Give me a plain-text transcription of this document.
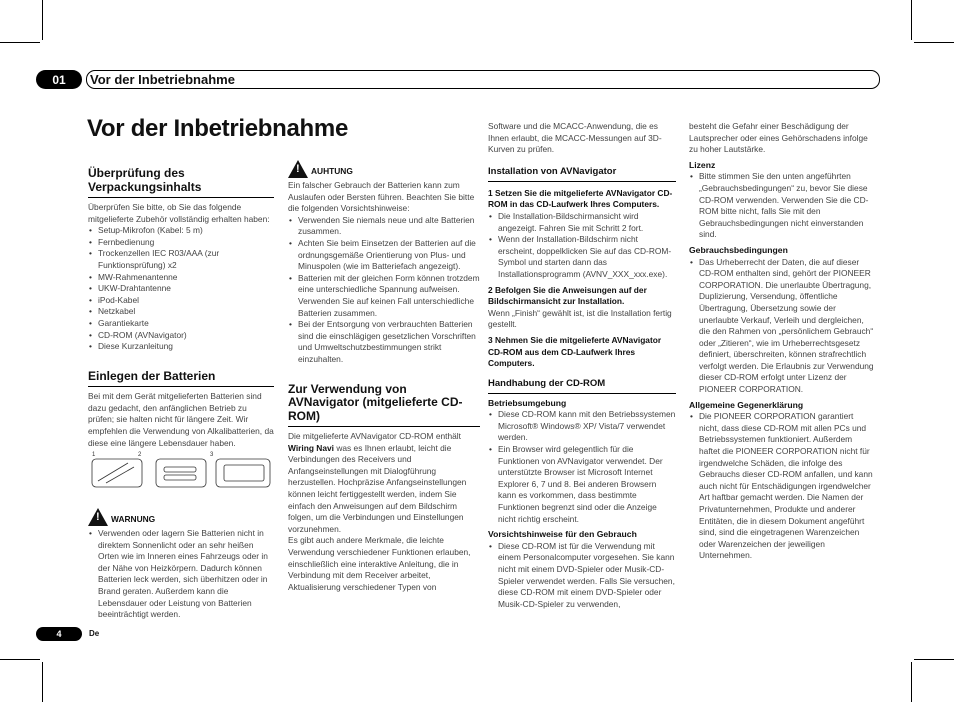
01	Vor der Inbetriebnahme
Vor der Inbetriebnahme
Überprüfung des Verpackungsinhalts

Überprüfen Sie bitte, ob Sie das folgende mitgelieferte Zubehör vollständig erhalten haben:

• Setup-Mikrofon (Kabel: 5 m)
• Fernbedienung
• Trockenzellen IEC R03/AAA (zur Funktionsprüfung) x2
• MW-Rahmenantenne
• UKW-Drahtantenne
• iPod-Kabel
• Netzkabel
• Garantiekarte
• CD-ROM (AVNavigator)
• Diese Kurzanleitung
Einlegen der Batterien

Bei mit dem Gerät mitgelieferten Batterien sind dazu gedacht, den anfänglichen Betrieb zu prüfen; sie halten nicht für längere Zeit. Wir empfehlen die Verwendung von Alkalibatterien, da diese eine längere Lebensdauer haben.

1	2	3
! WARNUNG
• Verwenden oder lagern Sie Batterien nicht in direktem Sonnenlicht oder an sehr heißen Orten wie im Inneren eines Fahrzeugs oder in der Nähe von Heizkörpern. Dadurch können Batterien leck werden, sich überhitzen oder in Brand geraten. Außerdem kann die Lebensdauer oder Leistung von Batterien beeinträchtigt werden.
! AUHTUNG

Ein falscher Gebrauch der Batterien kann zum Auslaufen oder Bersten führen. Beachten Sie bitte die folgenden Vorsichtshinweise:

• Verwenden Sie niemals neue und alte Batterien zusammen.
• Achten Sie beim Einsetzen der Batterien auf die ordnungsgemäße Orientierung von Plus- und Minuspolen (wie im Batteriefach angezeigt).
• Batterien mit der gleichen Form können trotzdem eine unterschiedliche Spannung aufweisen. Verwenden Sie auf keinen Fall unterschiedliche Batterien zusammen.
• Bei der Entsorgung von verbrauchten Batterien sind die einschlägigen gesetzlichen Vorschriften und Umweltschutzbestimmungen strikt einzuhalten.
Zur Verwendung von AVNavigator (mitgelieferte CD-ROM)

Die mitgelieferte AVNavigator CD-ROM enthält Wiring Navi was es Ihnen erlaubt, leicht die Verbindungen des Receivers und Anfangseinstellungen mit Dialogführung herzustellen. Hochpräzise Anfangseinstellungen können leicht fertiggestellt werden, indem Sie einfach den Anweisungen auf dem Bildschirm folgen, um die Verbindungen und Einstellungen vorzunehmen.

Es gibt auch andere Merkmale, die leichte Verwendung verschiedener Funktionen erlauben, einschließlich eine interaktive Anleitung, die in Verbindung mit dem Receiver arbeitet, Aktualisierung verschiedener Typen von

Software und die MCACC-Anwendung, die es Ihnen erlaubt, die MCACC-Messungen auf 3D-Kurven zu prüfen.

Installation von AVNavigator

1 Setzen Sie die mitgelieferte AVNavigator CD-ROM in das CD-Laufwerk Ihres Computers.

• Die Installation-Bildschirmansicht wird angezeigt. Fahren Sie mit Schritt 2 fort.
• Wenn der Installation-Bildschirm nicht erscheint, doppelklicken Sie auf das CD-ROM-Symbol und starten dann das Installationsprogramm (AVNV_XXX_xxx.exe).

2 Befolgen Sie die Anweisungen auf der Bildschirmansicht zur Installation.

Wenn „Finish“ gewählt ist, ist die Installation fertig gestellt.

3 Nehmen Sie die mitgelieferte AVNavigator CD-ROM aus dem CD-Laufwerk Ihres Computers.

Handhabung der CD-ROM
Betriebsumgebung
• Diese CD-ROM kann mit den Betriebssystemen Microsoft® Windows® XP/ Vista/7 verwendet werden.
• Ein Browser wird gelegentlich für die Funktionen von AVNavigator verwendet. Der unterstützte Browser ist Microsoft Internet Explorer 6, 7 und 8. Bei anderen Browsern kann es vorkommen, dass bestimmte Funktionen begrenzt sind oder die Anzeige nicht richtig erscheint.
Vorsichtshinweise für den Gebrauch
• Diese CD-ROM ist für die Verwendung mit einem Personalcomputer vorgesehen. Sie kann nicht mit einem DVD-Spieler oder Musik-CD-Spieler verwendet werden. Falls Sie versuchen, diese CD-ROM mit einem DVD-Spieler oder Musik-CD-Spieler zu verwenden,

besteht die Gefahr einer Beschädigung der Lautsprecher oder eines Gehörschadens infolge zu hoher Lautstärke.

Lizenz
• Bitte stimmen Sie den unten angeführten „Gebrauchsbedingungen“ zu, bevor Sie diese CD-ROM verwenden. Verwenden Sie die CD-ROM bitte nicht, falls Sie mit den Gebrauchsbedingungen nicht einverstanden sind.
Gebrauchsbedingungen
• Das Urheberrecht der Daten, die auf dieser CD-ROM enthalten sind, gehört der PIONEER CORPORATION. Die unerlaubte Übertragung, Duplizierung, Versendung, öffentliche Übertragung, Übersetzung sowie der unerlaubte Verkauf, Verleih und dergleichen, die den Rahmen von „persönlichem Gebrauch“ oder „Zitieren“, wie im Urheberrechtsgesetz definiert, überschreiten, können strafrechtlich verfolgt werden. Die Erlaubnis zur Verwendung dieser CD-ROM erfolgt unter Lizenz der PIONEER CORPORATION.
Allgemeine Gegenerklärung
• Die PIONEER CORPORATION garantiert nicht, dass diese CD-ROM mit allen PCs und Betriebssystemen funktioniert. Außerdem haftet die PIONEER CORPORATION nicht für irgendwelche Schäden, die infolge des Gebrauchs dieser CD-ROM anfallen, und kann auch nicht für Entschädigungen irgendwelcher Art haftbar gemacht werden. Die Namen der Privatunternehmen, Produkte und anderer Entitäten, die in diesem Dokument angeführt sind, sind die eingetragenen Warenzeichen oder Warenzeichen der jeweiligen Unternehmen.
4	De
